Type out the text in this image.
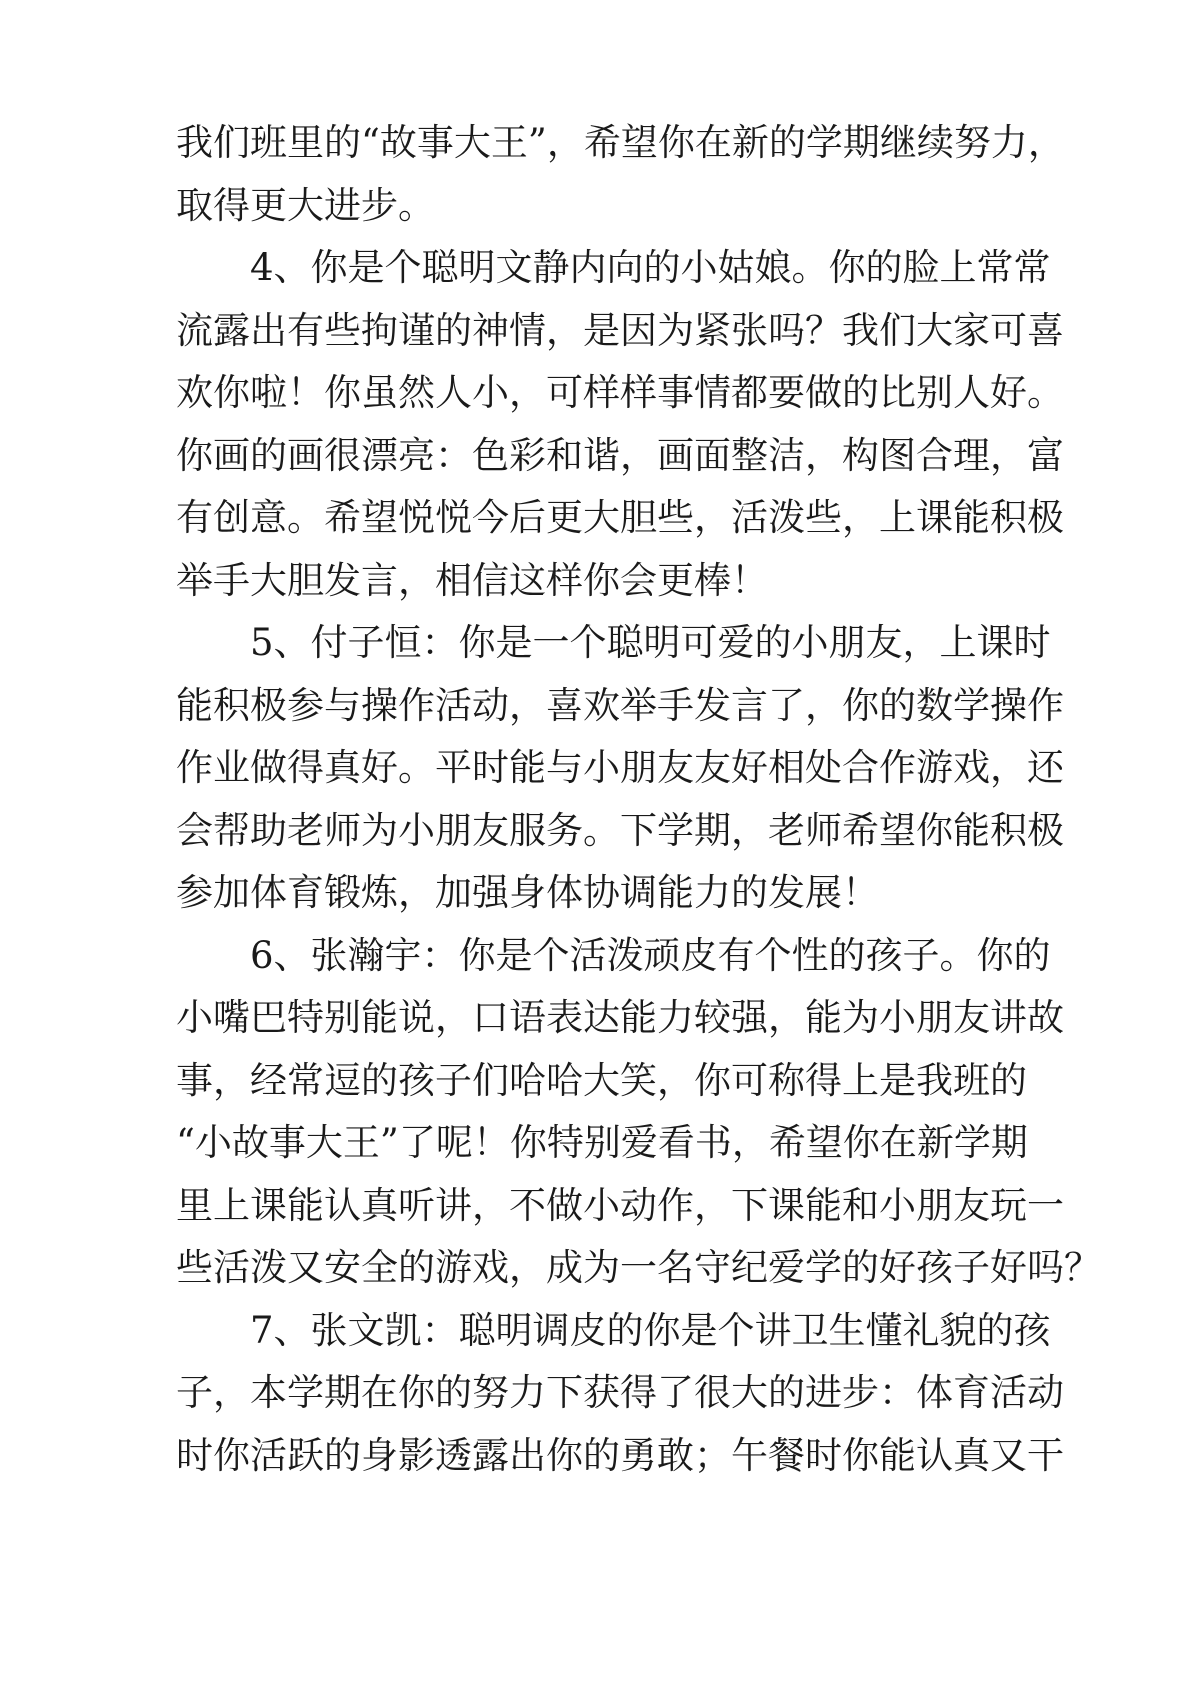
我们班里的“故事大王”，希望你在新的学期继续努力，
取得更大进步。
4、你是个聪明文静内向的小姑娘。你的脸上常常
流露出有些拘谨的神情，是因为紧张吗？我们大家可喜
欢你啦！你虽然人小，可样样事情都要做的比别人好。
你画的画很漂亮：色彩和谐，画面整洁，构图合理，富
有创意。希望悦悦今后更大胆些，活泼些，上课能积极
举手大胆发言，相信这样你会更棒！
5、付子恒：你是一个聪明可爱的小朋友，上课时
能积极参与操作活动，喜欢举手发言了，你的数学操作
作业做得真好。平时能与小朋友友好相处合作游戏，还
会帮助老师为小朋友服务。下学期，老师希望你能积极
参加体育锻炼，加强身体协调能力的发展！
6、张瀚宇：你是个活泼顽皮有个性的孩子。你的
小嘴巴特别能说，口语表达能力较强，能为小朋友讲故
事，经常逗的孩子们哈哈大笑，你可称得上是我班的
“小故事大王”了呢！你特别爱看书，希望你在新学期
里上课能认真听讲，不做小动作，下课能和小朋友玩一
些活泼又安全的游戏，成为一名守纪爱学的好孩子好吗？
7、张文凯：聪明调皮的你是个讲卫生懂礼貌的孩
子，本学期在你的努力下获得了很大的进步：体育活动
时你活跃的身影透露出你的勇敢；午餐时你能认真又干
